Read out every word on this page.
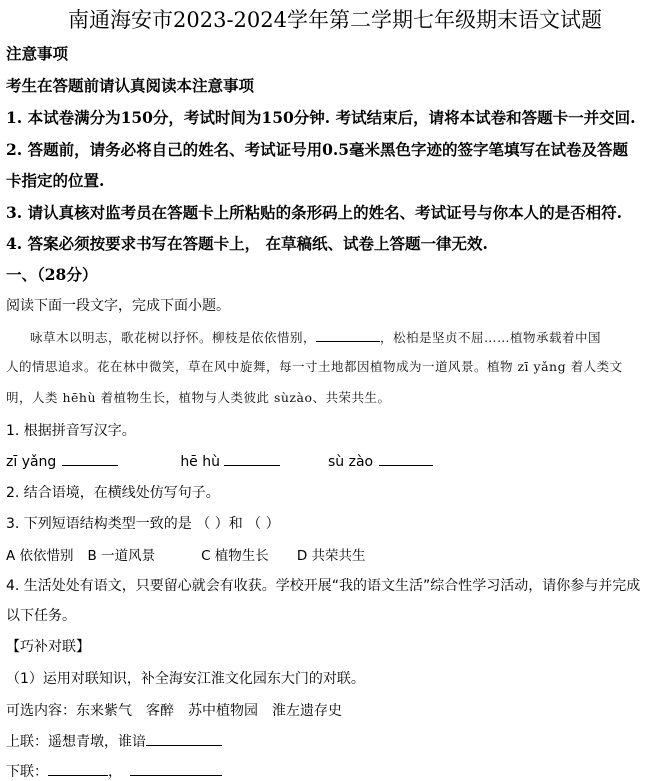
南通海安市2023-2024学年第二学期七年级期末语文试题
注意事项
考生在答题前请认真阅读本注意事项
1. 本试卷满分为150分，考试时间为150分钟. 考试结束后，请将本试卷和答题卡一并交回.
2. 答题前，请务必将自己的姓名、考试证号用0.5毫米黑色字迹的签字笔填写在试卷及答题
卡指定的位置.
3. 请认真核对监考员在答题卡上所粘贴的条形码上的姓名、考试证号与你本人的是否相符.
4. 答案必须按要求书写在答题卡上， 在草稿纸、试卷上答题一律无效.
一、（28分）
阅读下面一段文字，完成下面小题。
咏草木以明志，歌花树以抒怀。柳枝是依依惜别，	，松柏是坚贞不屈……植物承载着中国
人的情思追求。花在林中微笑，草在风中旋舞，每一寸土地都因植物成为一道风景。植物 zī yǎng 着人类文
明，人类 hēhù 着植物生长，植物与人类彼此 sùzào、共荣共生。
1. 根据拼音写汉字。
zī yǎng	hē hù	sù zào
2. 结合语境，在横线处仿写句子。
3. 下列短语结构类型一致的是 （ ）和 （ ）
A 依依惜别 B 一道风景	C 植物生长 D 共荣共生
4. 生活处处有语文，只要留心就会有收获。学校开展“我的语文生活”综合性学习活动，请你参与并完成
以下任务。
【巧补对联】
（1）运用对联知识，补全海安江淮文化园东大门的对联。
可选内容：东来紫气 客醉 苏中植物园 淮左遗存史
上联：遥想青墩，谁谙
下联：	，
